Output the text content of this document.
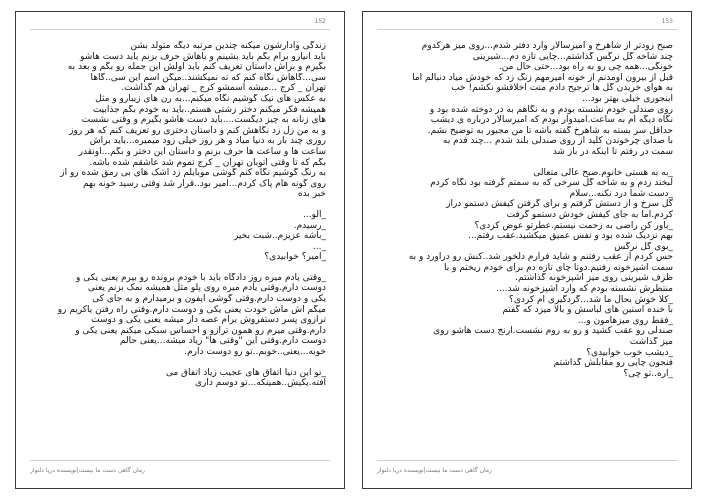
152
زندگی وادارشون میکنه چندین مرتبه دیگه متولد بشن
باید انیارو برام بگم باید بشینم و باهاش حرف بزنم باید دست هاشو
بگیرم و براش داستان تعریف کنم باید اولش این جمله رو بگم و بعد به
سی...گاهاش نگاه کنم که ته نمیکشند..میگن اسم این سی..گاها
تهران _ کرج ...میشه اسمشو کرج _ تهران هم گذاشت.
به عکس های نیک گوشیم نگاه میکنم...به رن های زیبارو و مثل
همیشه فکر میکنم دختر زشتی هستم..باید به خودم بگم جذابیت
های زنانه به چیز دیگست....باید دست هاشو بگیرم و وقتی نشست
و به من زل زد نگاهش کنم و داستان دختری رو تعریف کنم که هر روز
روزی چند بار به دنیا میاد و هر روز خیلی زود میمیره...باید براش
ساعت ها و ساعت ها حرف بزنم و داستان این دختر و بگم...اونقدر
بگم که تا وقتی اتوبان تهران _ کرج تموم شد عاشقم شده باشه.
به رنگ گوشیم نگاه کنم گوشی موبایلم زد اشک های بی رمق شده رو از
روی گونه هام پاک کردم...امیر بود..قرار شد وقتی رسید خونه بهم
خبر بده
_الو...
_رسیدم.
_باشه عزیزم..شبت بخیر
_...
_امیر؟ خوابیدی؟
_وقتی یادم میره روز دادگاه باید با خودم برونده رو بیرم یعنی یکی و
دوست دارم.وقتی یادم میره روی پلو مثل همیشه نمک بزنم یعنی
یکی و دوست دارم.وقتی گوشی آیفون و برمیدارم و به جای کی
میگم آش ماش خودت یعنی یکی و دوست دارم.وقتی راه رفتن یاکریم رو
ترازوی پسر دستفروش برام عصه دار میشه یعنی یکی و دوست
دارم.وقتی میرم رو همون ترازو و احساس سبکی میکنم یعنی یکی و
دوست دارم.وقتی این "وقتی ها" زیاد میشه...یعنی حالم
خوبه...یعنی..خوبم..تو رو دوست دارم.
_تو این دنیا اتفاق های عجیب زیاد اتفاق می
افته.یکیش..همینکه...تو دوسم داری
رمان گاهی دست ما نیست|نویسنده دریا دلنواز
153
صبح زودتر از شاهرخ و امیرسالار وارد دفتر شدم...روی میز هرکدوم
چند شاخه گل نرگس گذاشتم...چایی تازه دم...شیرینی
خونگی...همه چی رو به راه بود...حتی حال من.
قبل از بیرون اومدنم از خونه امیرمهم زنگ زد که خودش میاد دنبالم اما
به هوای خریدن گل ها ترجیح دادم منت اخلاقشو نکشم! خب
اینجوری خیلی بهتر بود...
روی صندلی خودم نشسته بودم و به نگاهم به در دوخته شده بود و
نگاه دیگه ام به ساعت.امیدوار بودم که امیرسالار درباره ی دیشب
حداقل سر بسته به شاهرخ گفته باشه تا من مجبور به توضیح نشم.
با صدای چرخوندن کلید از روی صندلی بلند شدم ...چند قدم به
سمت در رفتم تا اینکه در باز شد
_به به هستی خانوم.صبح عالی متعالی
لبخند زدم و به شاخه گل سرخی که به سمتم گرفته بود نگاه کردم
_دست شما درد نکنه...سلام
گل سرخ و از دستش گرفتم و برای گرفتن کیفش دستمو دراز
کردم.اما به جای کیفش خودش دستمو گرفت
_باور کن راضی به زحمت نیستم.عطرتو عوض کردی؟
بهم نزدیک شده بود و نفس عمیق میکشید.عقب رفتم...
_بوی گل نرگس
حس کردم از عقب رفتنم و شاید فرارم دلخور شد..کنش رو درآورد و به
سمت آشپزخونه رفتیم.دوتا چای تازه دم برای خودم ریختم و با
ظرف شیرینی روی میز آشپزخونه گذاشتم.
منتظرش نشسته بودم که وارد آشپزخونه شد....
_کلا خوش بحال ما شد...گردگیری ام کردی؟
با خنده استین های لباسش و بالا میزد که گفتم
_فقط روی میزهامون و...
صندلی رو عقب کشید و رو به روم نشست.آرنج دست هاشو روی
میز گذاشت
_دیشب خوب خوابیدی؟
فنجون چایی رو مقابلش گذاشتم
_آره..تو چی؟
رمان گاهی دست ما نیست|نویسنده دریا دلنواز
